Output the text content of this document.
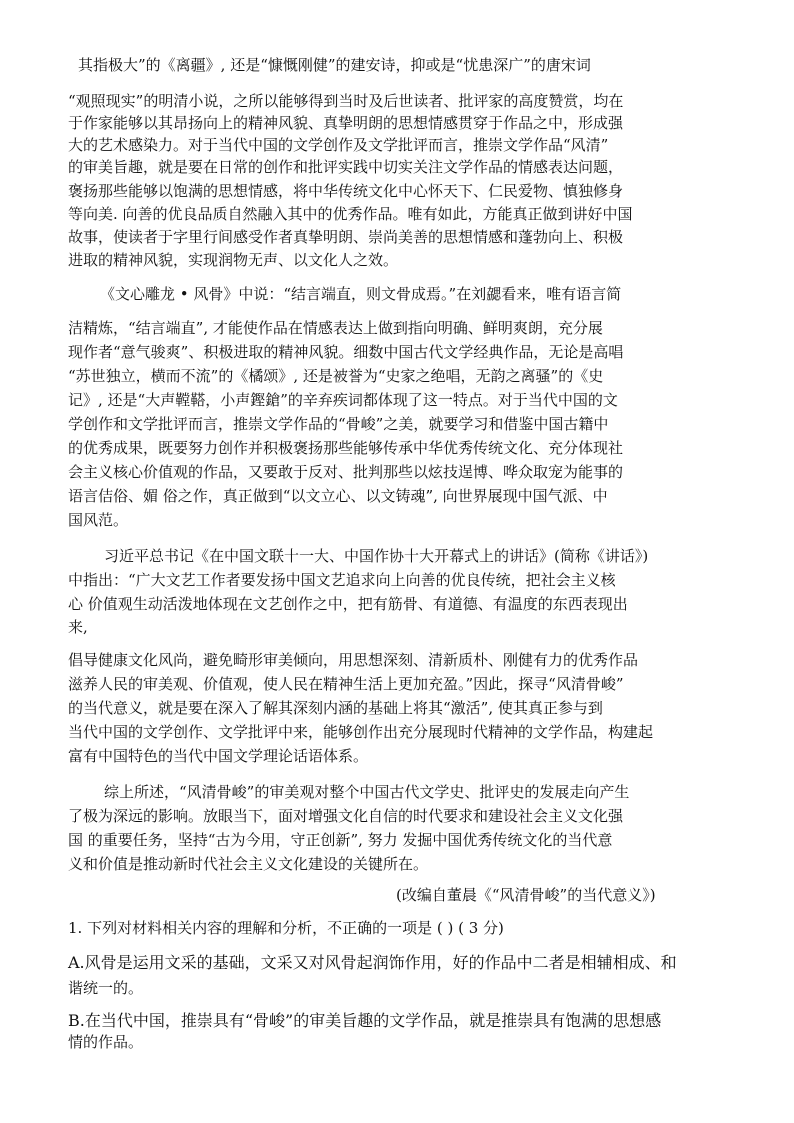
其指极大”的《离疆》, 还是“慷慨刚健”的建安诗，抑或是“忧患深广”的唐宋词
“观照现实”的明清小说，之所以能够得到当时及后世读者、批评家的高度赞赏，均在
于作家能够以其昂扬向上的精神风貌、真挚明朗的思想情感贯穿于作品之中，形成强
大的艺术感染力。对于当代中国的文学创作及文学批评而言，推崇文学作品“风清”
的审美旨趣，就是要在日常的创作和批评实践中切实关注文学作品的情感表达问题，
褒扬那些能够以饱满的思想情感，将中华传统文化中心怀天下、仁民爱物、慎独修身
等向美. 向善的优良品质自然融入其中的优秀作品。唯有如此，方能真正做到讲好中国
故事，使读者于字里行间感受作者真挚明朗、崇尚美善的思想情感和蓬勃向上、积极
进取的精神风貌，实现润物无声、以文化人之效。
《文心雕龙 • 风骨》中说：“结言端直，则文骨成焉。”在刘勰看来，唯有语言简
洁精炼，“结言端直”, 才能使作品在情感表达上做到指向明确、鲜明爽朗，充分展
现作者“意气骏爽”、积极进取的精神风貌。细数中国古代文学经典作品，无论是高唱
“苏世独立，横而不流”的《橘颂》, 还是被誉为“史家之绝唱，无韵之离骚”的《史
记》, 还是“大声鞺鞳，小声鏗鎗”的辛弃疾词都体现了这一特点。对于当代中国的文
学创作和文学批评而言，推崇文学作品的“骨峻”之美，就要学习和借鉴中国古籍中
的优秀成果，既要努力创作并积极褒扬那些能够传承中华优秀传统文化、充分体现社
会主义核心价值观的作品，又要敢于反对、批判那些以炫技逞博、哗众取宠为能事的
语言佶俗、媚 俗之作，真正做到“以文立心、以文铸魂”, 向世界展现中国气派、中
国风范。
习近平总书记《在中国文联十一大、中国作协十大开幕式上的讲话》(简称《讲话》)
中指出：“广大文艺工作者要发扬中国文艺追求向上向善的优良传统，把社会主义核
心 价值观生动活泼地体现在文艺创作之中，把有筋骨、有道德、有温度的东西表现出
来,
倡导健康文化风尚，避免畸形审美倾向，用思想深刻、清新质朴、刚健有力的优秀作品
滋养人民的审美观、价值观，使人民在精神生活上更加充盈。”因此，探寻“风清骨峻”
的当代意义，就是要在深入了解其深刻内涵的基础上将其“激活”, 使其真正参与到
当代中国的文学创作、文学批评中来，能够创作出充分展现时代精神的文学作品，构建起
富有中国特色的当代中国文学理论话语体系。
综上所述，“风清骨峻”的审美观对整个中国古代文学史、批评史的发展走向产生
了极为深远的影响。放眼当下，面对增强文化自信的时代要求和建设社会主义文化强
国 的重要任务，坚持“古为今用，守正创新”, 努力 发掘中国优秀传统文化的当代意
义和价值是推动新时代社会主义文化建设的关键所在。
(改编自董晨《“风清骨峻”的当代意义》)
1. 下列对材料相关内容的理解和分析，不正确的一项是 ( ) ( 3 分)
A.风骨是运用文采的基础，文采又对风骨起润饰作用，好的作品中二者是相辅相成、和
谐统一的。
B.在当代中国，推崇具有“骨峻”的审美旨趣的文学作品，就是推崇具有饱满的思想感
情的作品。
